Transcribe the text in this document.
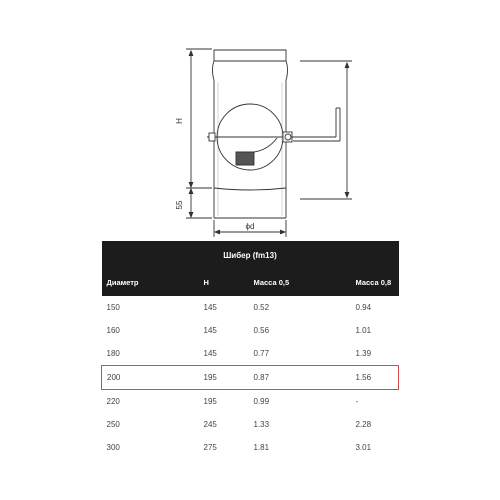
H
55
ϕd
Шибер (fm13)			
Диаметр	H	Масса 0,5	Масса 0,8
150	145	0.52	0.94
160	145	0.56	1.01
180	145	0.77	1.39
200	195	0.87	1.56
220	195	0.99	-
250	245	1.33	2.28
300	275	1.81	3.01
